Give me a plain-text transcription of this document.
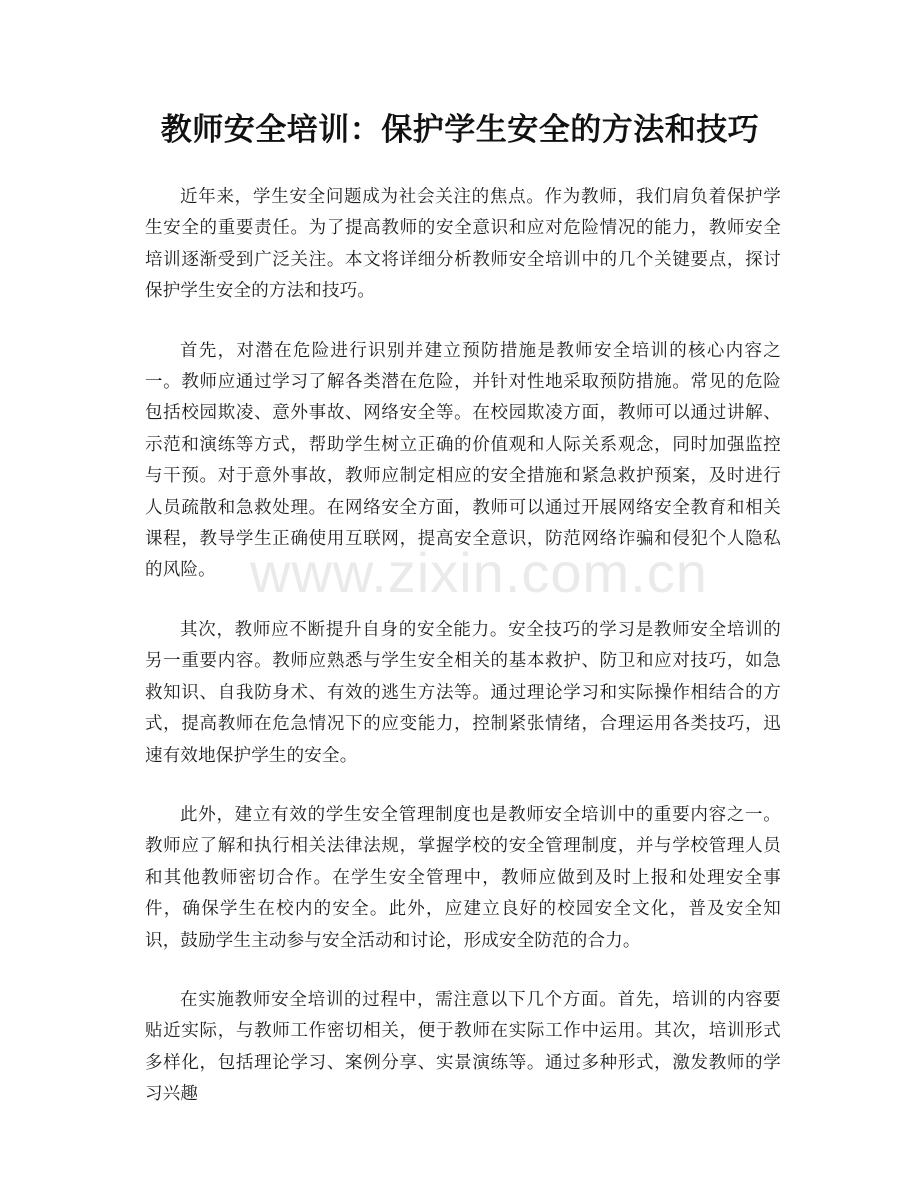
教师安全培训：保护学生安全的方法和技巧

近年来，学生安全问题成为社会关注的焦点。作为教师，我们肩负着保护学生安全的重要责任。为了提高教师的安全意识和应对危险情况的能力，教师安全培训逐渐受到广泛关注。本文将详细分析教师安全培训中的几个关键要点，探讨保护学生安全的方法和技巧。

首先，对潜在危险进行识别并建立预防措施是教师安全培训的核心内容之一。教师应通过学习了解各类潜在危险，并针对性地采取预防措施。常见的危险包括校园欺凌、意外事故、网络安全等。在校园欺凌方面，教师可以通过讲解、示范和演练等方式，帮助学生树立正确的价值观和人际关系观念，同时加强监控与干预。对于意外事故，教师应制定相应的安全措施和紧急救护预案，及时进行人员疏散和急救处理。在网络安全方面，教师可以通过开展网络安全教育和相关课程，教导学生正确使用互联网，提高安全意识，防范网络诈骗和侵犯个人隐私的风险。

其次，教师应不断提升自身的安全能力。安全技巧的学习是教师安全培训的另一重要内容。教师应熟悉与学生安全相关的基本救护、防卫和应对技巧，如急救知识、自我防身术、有效的逃生方法等。通过理论学习和实际操作相结合的方式，提高教师在危急情况下的应变能力，控制紧张情绪，合理运用各类技巧，迅速有效地保护学生的安全。

此外，建立有效的学生安全管理制度也是教师安全培训中的重要内容之一。教师应了解和执行相关法律法规，掌握学校的安全管理制度，并与学校管理人员和其他教师密切合作。在学生安全管理中，教师应做到及时上报和处理安全事件，确保学生在校内的安全。此外，应建立良好的校园安全文化，普及安全知识，鼓励学生主动参与安全活动和讨论，形成安全防范的合力。

在实施教师安全培训的过程中，需注意以下几个方面。首先，培训的内容要贴近实际，与教师工作密切相关，便于教师在实际工作中运用。其次，培训形式多样化，包括理论学习、案例分享、实景演练等。通过多种形式，激发教师的学习兴趣

www.zixin.com.cn
